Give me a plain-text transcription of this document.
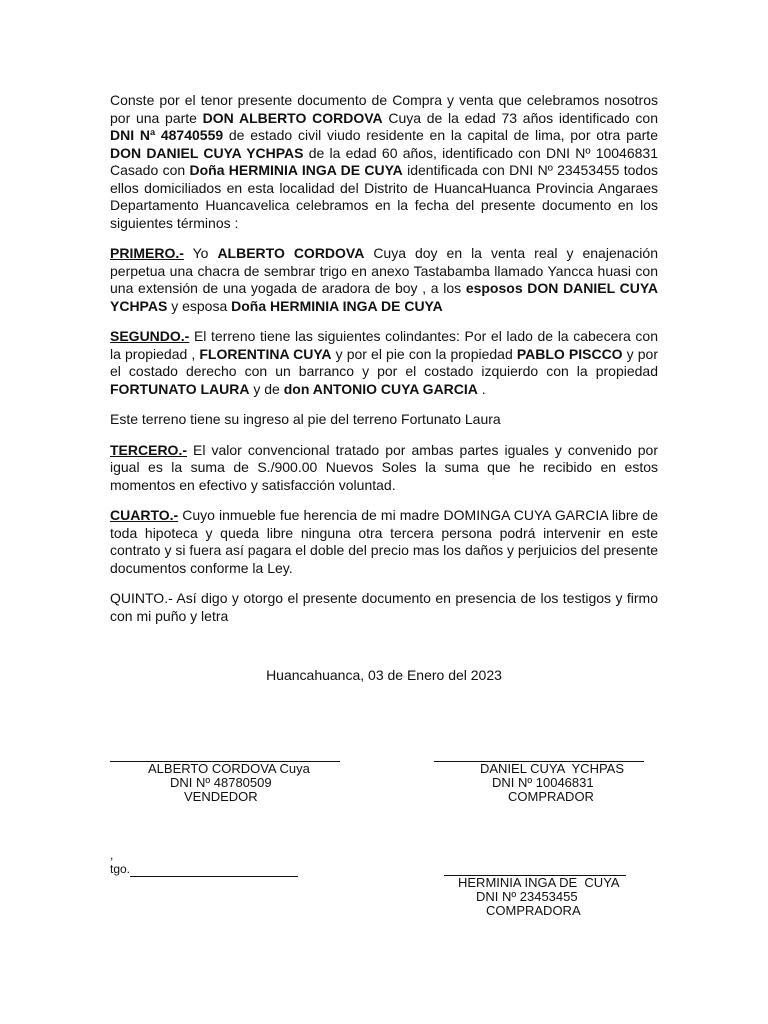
Conste por el tenor presente documento de Compra y venta que celebramos nosotros por una parte DON ALBERTO CORDOVA Cuya de la edad 73 años identificado con DNI Nª 48740559 de estado civil viudo residente en la capital de lima, por otra parte DON DANIEL CUYA YCHPAS de la edad 60 años, identificado con DNI Nº 10046831 Casado con Doña HERMINIA INGA DE CUYA identificada con DNI Nº 23453455 todos ellos domiciliados en esta localidad del Distrito de HuancaHuanca Provincia Angaraes Departamento Huancavelica celebramos en la fecha del presente documento en los siguientes términos :

PRIMERO.- Yo ALBERTO CORDOVA Cuya doy en la venta real y enajenación perpetua una chacra de sembrar trigo en anexo Tastabamba llamado Yancca huasi con una extensión de una yogada de aradora de boy , a los esposos DON DANIEL CUYA YCHPAS y esposa Doña HERMINIA INGA DE CUYA

SEGUNDO.- El terreno tiene las siguientes colindantes: Por el lado de la cabecera con la propiedad , FLORENTINA CUYA y por el pie con la propiedad PABLO PISCCO y por el costado derecho con un barranco y por el costado izquierdo con la propiedad FORTUNATO LAURA y de don ANTONIO CUYA GARCIA .

Este terreno tiene su ingreso al pie del terreno Fortunato Laura

TERCERO.- El valor convencional tratado por ambas partes iguales y convenido por igual es la suma de S./900.00 Nuevos Soles la suma que he recibido en estos momentos en efectivo y satisfacción voluntad.

CUARTO.- Cuyo inmueble fue herencia de mi madre DOMINGA CUYA GARCIA libre de toda hipoteca y queda libre ninguna otra tercera persona podrá intervenir en este contrato y si fuera así pagara el doble del precio mas los daños y perjuicios del presente documentos conforme la Ley.

QUINTO.- Así digo y otorgo el presente documento en presencia de los testigos y firmo con mi puño y letra

Huancahuanca, 03 de Enero del 2023
ALBERTO CORDOVA Cuya
DNI Nº 48780509
VENDEDOR
DANIEL CUYA  YCHPAS
DNI Nº 10046831
COMPRADOR
,
tgo.
HERMINIA INGA DE  CUYA
DNI Nº 23453455
COMPRADORA
